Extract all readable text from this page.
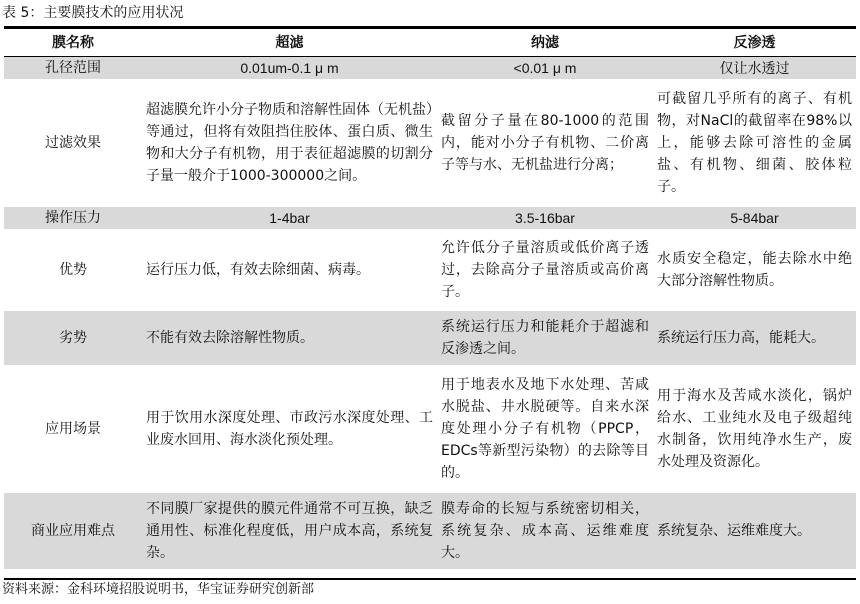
表 5：主要膜技术的应用状况
膜名称	超滤	纳滤	反渗透
孔径范围	0.01um-0.1 μ m	<0.01 μ m	仅让水透过
过滤效果	超滤膜允许小分子物质和溶解性固体（无机盐）等通过，但将有效阻挡住胶体、蛋白质、微生物和大分子有机物，用于表征超滤膜的切割分子量一般介于1000-300000之间。	截留分子量在80-1000的范围内，能对小分子有机物、二价离子等与水、无机盐进行分离；	可截留几乎所有的离子、有机物，对NaCl的截留率在98%以上，能够去除可溶性的金属盐、有机物、细菌、胶体粒子。
操作压力	1-4bar	3.5-16bar	5-84bar
优势	运行压力低，有效去除细菌、病毒。	允许低分子量溶质或低价离子透过，去除高分子量溶质或高价离子。	水质安全稳定，能去除水中绝大部分溶解性物质。
劣势	不能有效去除溶解性物质。	系统运行压力和能耗介于超滤和反渗透之间。	系统运行压力高，能耗大。
应用场景	用于饮用水深度处理、市政污水深度处理、工业废水回用、海水淡化预处理。	用于地表水及地下水处理、苦咸水脱盐、井水脱硬等。自来水深度处理小分子有机物（PPCP，EDCs等新型污染物）的去除等目的。	用于海水及苦咸水淡化，锅炉给水、工业纯水及电子级超纯水制备，饮用纯净水生产，废水处理及资源化。
商业应用难点	不同膜厂家提供的膜元件通常不可互换，缺乏通用性、标准化程度低，用户成本高，系统复杂。	膜寿命的长短与系统密切相关，系统复杂、成本高、运维难度大。	系统复杂、运维难度大。
资料来源：金科环境招股说明书，华宝证券研究创新部
